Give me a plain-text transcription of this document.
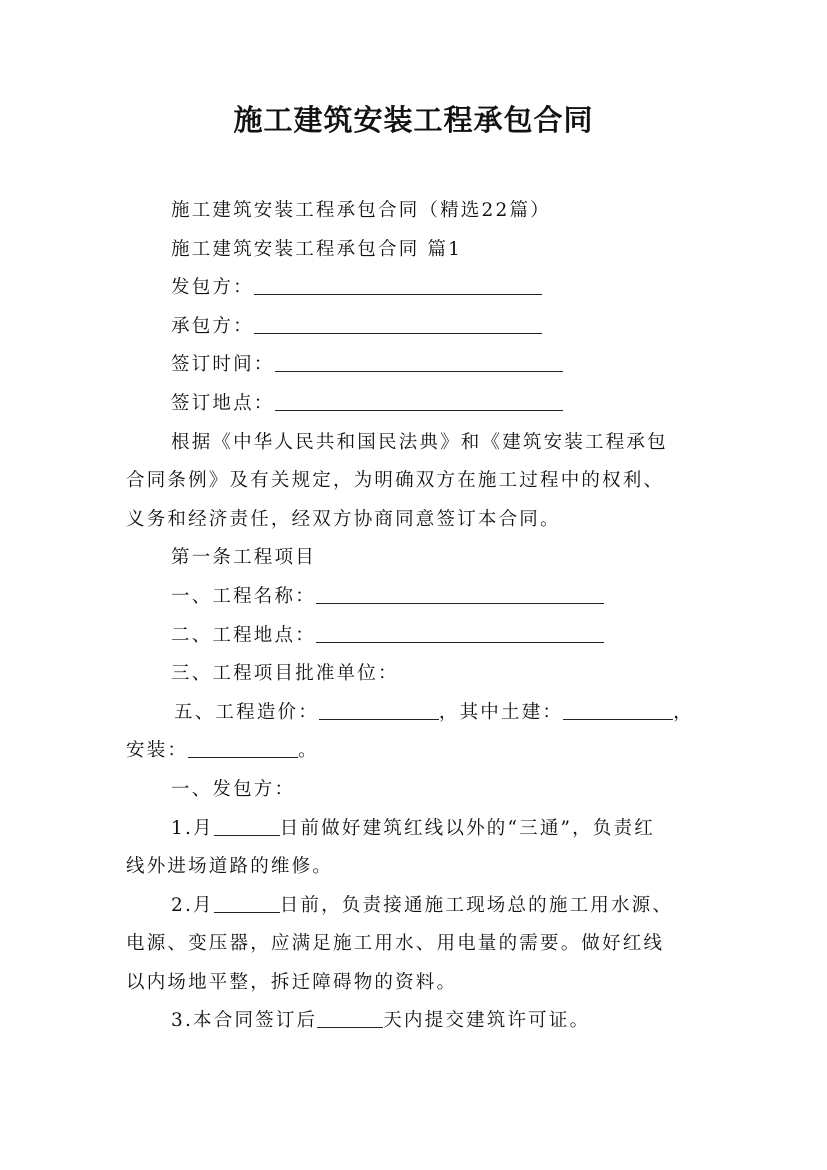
施工建筑安装工程承包合同
施工建筑安装工程承包合同（精选22篇）
施工建筑安装工程承包合同 篇1
发包方：
承包方：
签订时间：
签订地点：
根据《中华人民共和国民法典》和《建筑安装工程承包
合同条例》及有关规定，为明确双方在施工过程中的权利、
义务和经济责任，经双方协商同意签订本合同。
第一条工程项目
一、工程名称：
二、工程地点：
三、工程项目批准单位：
五、工程造价：	，其中土建：	，
安装：	。
一、发包方：
1.月	日前做好建筑红线以外的“三通”，负责红
线外进场道路的维修。
2.月	日前，负责接通施工现场总的施工用水源、
电源、变压器，应满足施工用水、用电量的需要。做好红线
以内场地平整，拆迁障碍物的资料。
3.本合同签订后	天内提交建筑许可证。
